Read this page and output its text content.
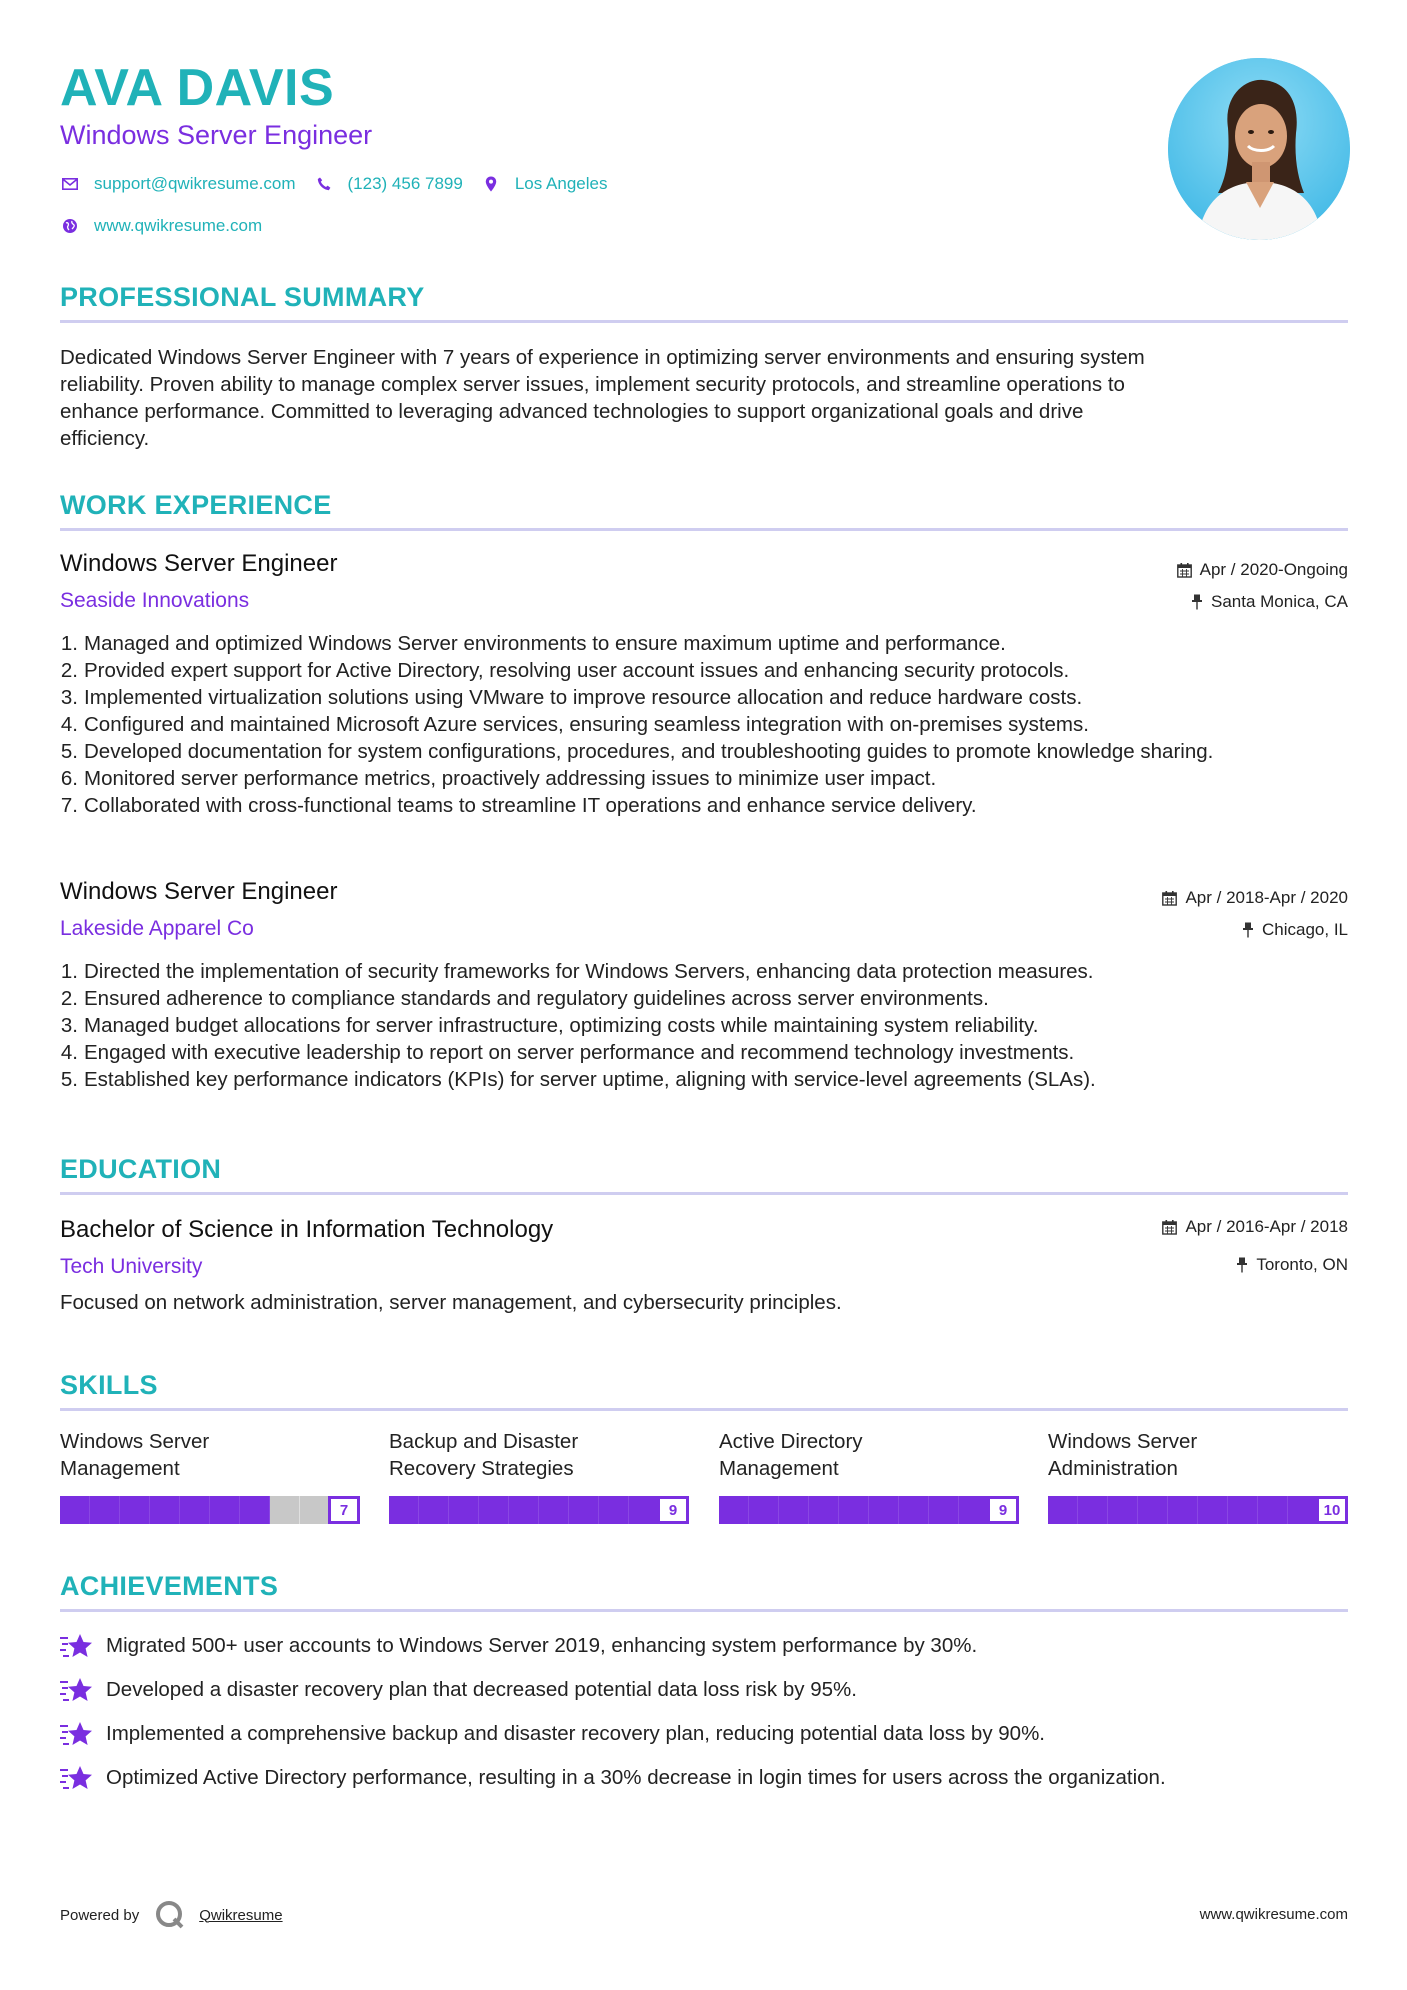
AVA DAVIS
Windows Server Engineer
support@qwikresume.com	(123) 456 7899	Los Angeles
www.qwikresume.com
PROFESSIONAL SUMMARY
Dedicated Windows Server Engineer with 7 years of experience in optimizing server environments and ensuring system
reliability. Proven ability to manage complex server issues, implement security protocols, and streamline operations to
enhance performance. Committed to leveraging advanced technologies to support organizational goals and drive
efficiency.
WORK EXPERIENCE
Windows Server Engineer
Seaside Innovations
Apr / 2020-Ongoing
Santa Monica, CA
1. Managed and optimized Windows Server environments to ensure maximum uptime and performance.
2. Provided expert support for Active Directory, resolving user account issues and enhancing security protocols.
3. Implemented virtualization solutions using VMware to improve resource allocation and reduce hardware costs.
4. Configured and maintained Microsoft Azure services, ensuring seamless integration with on-premises systems.
5. Developed documentation for system configurations, procedures, and troubleshooting guides to promote knowledge sharing.
6. Monitored server performance metrics, proactively addressing issues to minimize user impact.
7. Collaborated with cross-functional teams to streamline IT operations and enhance service delivery.
Windows Server Engineer
Lakeside Apparel Co
Apr / 2018-Apr / 2020
Chicago, IL
1. Directed the implementation of security frameworks for Windows Servers, enhancing data protection measures.
2. Ensured adherence to compliance standards and regulatory guidelines across server environments.
3. Managed budget allocations for server infrastructure, optimizing costs while maintaining system reliability.
4. Engaged with executive leadership to report on server performance and recommend technology investments.
5. Established key performance indicators (KPIs) for server uptime, aligning with service-level agreements (SLAs).
EDUCATION
Bachelor of Science in Information Technology
Tech University
Apr / 2016-Apr / 2018
Toronto, ON
Focused on network administration, server management, and cybersecurity principles.
SKILLS
Windows Server
Management
7
Backup and Disaster
Recovery Strategies
9
Active Directory
Management
9
Windows Server
Administration
10
ACHIEVEMENTS
Migrated 500+ user accounts to Windows Server 2019, enhancing system performance by 30%.
Developed a disaster recovery plan that decreased potential data loss risk by 95%.
Implemented a comprehensive backup and disaster recovery plan, reducing potential data loss by 90%.
Optimized Active Directory performance, resulting in a 30% decrease in login times for users across the organization.
Powered by	Qwikresume	www.qwikresume.com
